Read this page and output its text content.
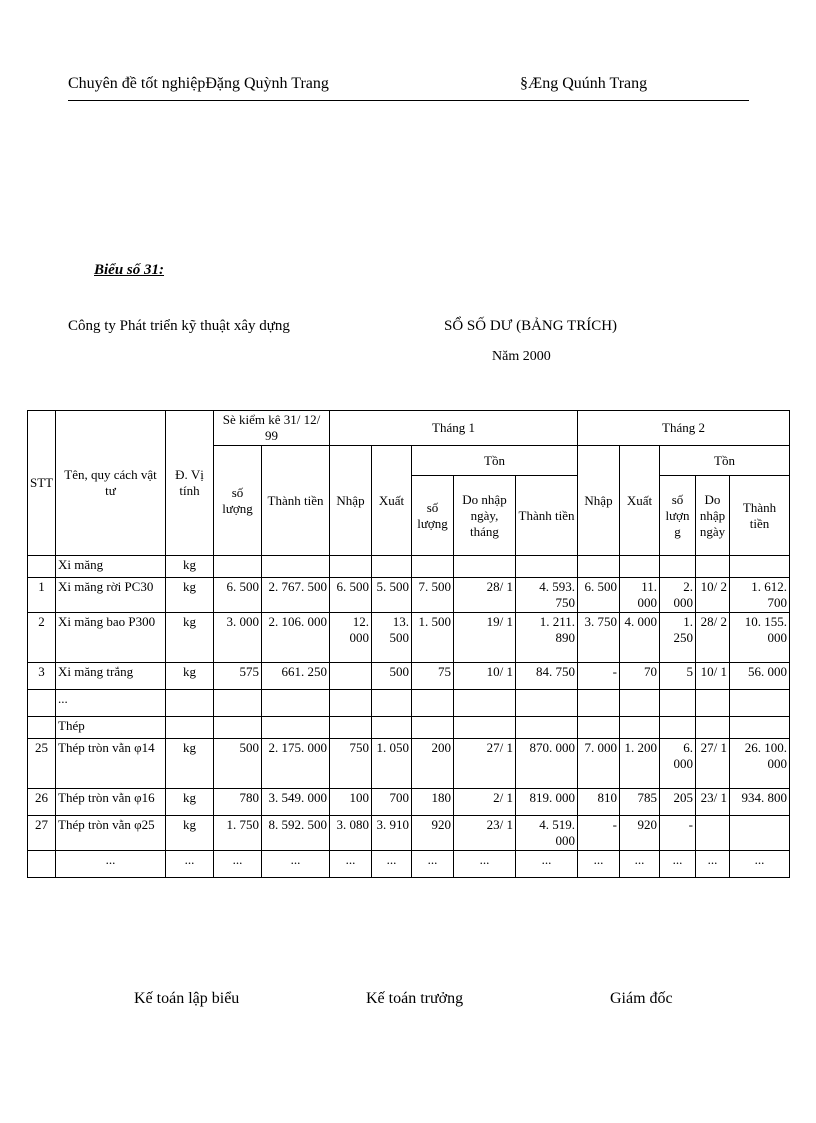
Chuyên đề tốt nghiệpĐặng Quỳnh Trang	§Æng Quúnh Trang
Biểu số 31:
Công ty Phát triển kỹ thuật xây dựng	SỔ SỐ DƯ (BẢNG TRÍCH)
Năm 2000
STT	Tên, quy cách vật tư	Đ. Vị tính	Sè kiểm kê 31/ 12/ 99		Tháng 1					Tháng 2				
			số lượng	Thành tiền	Nhập	Xuất	Tồn			Nhập	Xuất	Tồn		
							số lượng	Do nhập ngày, tháng	Thành tiền			số lượn g	Do nhập ngày	Thành tiền
	Xi măng	kg												
1	Xi măng rời PC30	kg	6. 500	2. 767. 500	6. 500	5. 500	7. 500	28/ 1	4. 593. 750	6. 500	11. 000	2. 000	10/ 2	1. 612. 700
2	Xi măng bao P300	kg	3. 000	2. 106. 000	12. 000	13. 500	1. 500	19/ 1	1. 211. 890	3. 750	4. 000	1. 250	28/ 2	10. 155. 000
3	Xi măng trắng	kg	575	661. 250		500	75	10/ 1	84. 750	-	70	5	10/ 1	56. 000
	...													
	Thép													
25	Thép tròn vằn φ14	kg	500	2. 175. 000	750	1. 050	200	27/ 1	870. 000	7. 000	1. 200	6. 000	27/ 1	26. 100. 000
26	Thép tròn vằn φ16	kg	780	3. 549. 000	100	700	180	2/ 1	819. 000	810	785	205	23/ 1	934. 800
27	Thép tròn vằn φ25	kg	1. 750	8. 592. 500	3. 080	3. 910	920	23/ 1	4. 519. 000	-	920	-		
	...	...	...	...	...	...	...	...	...	...	...	...	...	...
Kế toán lập biểu	Kế toán trưởng	Giám đốc
